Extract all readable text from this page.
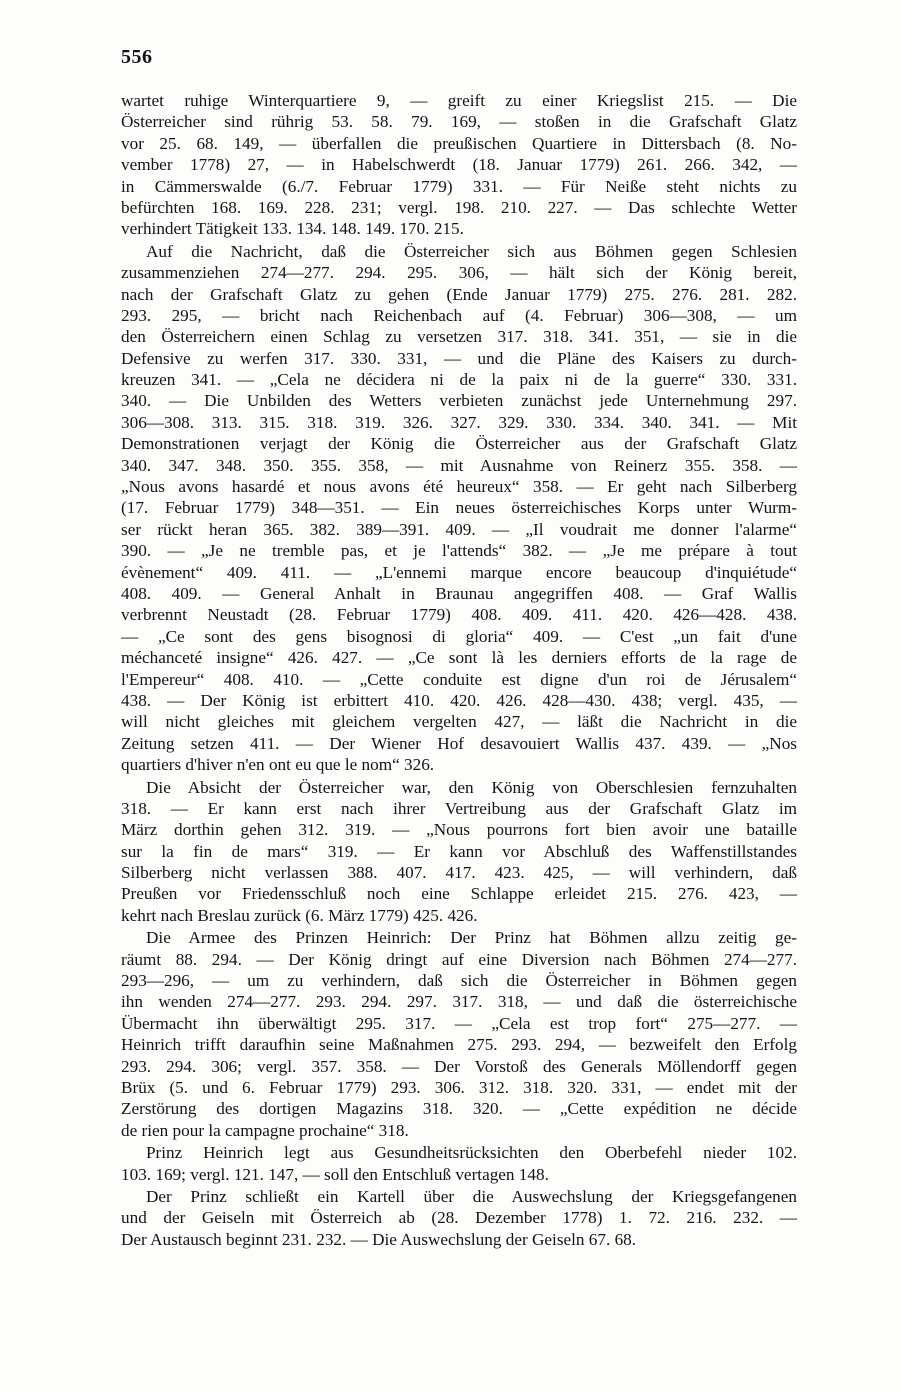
556
wartet ruhige Winterquartiere 9, — greift zu einer Kriegslist 215. — Die
Österreicher sind rührig 53. 58. 79. 169, — stoßen in die Grafschaft Glatz
vor 25. 68. 149, — überfallen die preußischen Quartiere in Dittersbach (8. No-
vember 1778) 27, — in Habelschwerdt (18. Januar 1779) 261. 266. 342, —
in Cämmerswalde (6./7. Februar 1779) 331. — Für Neiße steht nichts zu
befürchten 168. 169. 228. 231; vergl. 198. 210. 227. — Das schlechte Wetter
verhindert Tätigkeit 133. 134. 148. 149. 170. 215.
Auf die Nachricht, daß die Österreicher sich aus Böhmen gegen Schlesien
zusammenziehen 274—277. 294. 295. 306, — hält sich der König bereit,
nach der Grafschaft Glatz zu gehen (Ende Januar 1779) 275. 276. 281. 282.
293. 295, — bricht nach Reichenbach auf (4. Februar) 306—308, — um
den Österreichern einen Schlag zu versetzen 317. 318. 341. 351, — sie in die
Defensive zu werfen 317. 330. 331, — und die Pläne des Kaisers zu durch-
kreuzen 341. — „Cela ne décidera ni de la paix ni de la guerre“ 330. 331.
340. — Die Unbilden des Wetters verbieten zunächst jede Unternehmung 297.
306—308. 313. 315. 318. 319. 326. 327. 329. 330. 334. 340. 341. — Mit
Demonstrationen verjagt der König die Österreicher aus der Grafschaft Glatz
340. 347. 348. 350. 355. 358, — mit Ausnahme von Reinerz 355. 358. —
„Nous avons hasardé et nous avons été heureux“ 358. — Er geht nach Silberberg
(17. Februar 1779) 348—351. — Ein neues österreichisches Korps unter Wurm-
ser rückt heran 365. 382. 389—391. 409. — „Il voudrait me donner l'alarme“
390. — „Je ne tremble pas, et je l'attends“ 382. — „Je me prépare à tout
évènement“ 409. 411. — „L'ennemi marque encore beaucoup d'inquiétude“
408. 409. — General Anhalt in Braunau angegriffen 408. — Graf Wallis
verbrennt Neustadt (28. Februar 1779) 408. 409. 411. 420. 426—428. 438.
— „Ce sont des gens bisognosi di gloria“ 409. — C'est „un fait d'une
méchanceté insigne“ 426. 427. — „Ce sont là les derniers efforts de la rage de
l'Empereur“ 408. 410. — „Cette conduite est digne d'un roi de Jérusalem“
438. — Der König ist erbittert 410. 420. 426. 428—430. 438; vergl. 435, —
will nicht gleiches mit gleichem vergelten 427, — läßt die Nachricht in die
Zeitung setzen 411. — Der Wiener Hof desavouiert Wallis 437. 439. — „Nos
quartiers d'hiver n'en ont eu que le nom“ 326.
Die Absicht der Österreicher war, den König von Oberschlesien fernzuhalten
318. — Er kann erst nach ihrer Vertreibung aus der Grafschaft Glatz im
März dorthin gehen 312. 319. — „Nous pourrons fort bien avoir une bataille
sur la fin de mars“ 319. — Er kann vor Abschluß des Waffenstillstandes
Silberberg nicht verlassen 388. 407. 417. 423. 425, — will verhindern, daß
Preußen vor Friedensschluß noch eine Schlappe erleidet 215. 276. 423, —
kehrt nach Breslau zurück (6. März 1779) 425. 426.
Die Armee des Prinzen Heinrich: Der Prinz hat Böhmen allzu zeitig ge-
räumt 88. 294. — Der König dringt auf eine Diversion nach Böhmen 274—277.
293—296, — um zu verhindern, daß sich die Österreicher in Böhmen gegen
ihn wenden 274—277. 293. 294. 297. 317. 318, — und daß die österreichische
Übermacht ihn überwältigt 295. 317. — „Cela est trop fort“ 275—277. —
Heinrich trifft daraufhin seine Maßnahmen 275. 293. 294, — bezweifelt den Erfolg
293. 294. 306; vergl. 357. 358. — Der Vorstoß des Generals Möllendorff gegen
Brüx (5. und 6. Februar 1779) 293. 306. 312. 318. 320. 331, — endet mit der
Zerstörung des dortigen Magazins 318. 320. — „Cette expédition ne décide
de rien pour la campagne prochaine“ 318.
Prinz Heinrich legt aus Gesundheitsrücksichten den Oberbefehl nieder 102.
103. 169; vergl. 121. 147, — soll den Entschluß vertagen 148.
Der Prinz schließt ein Kartell über die Auswechslung der Kriegsgefangenen
und der Geiseln mit Österreich ab (28. Dezember 1778) 1. 72. 216. 232. —
Der Austausch beginnt 231. 232. — Die Auswechslung der Geiseln 67. 68.
